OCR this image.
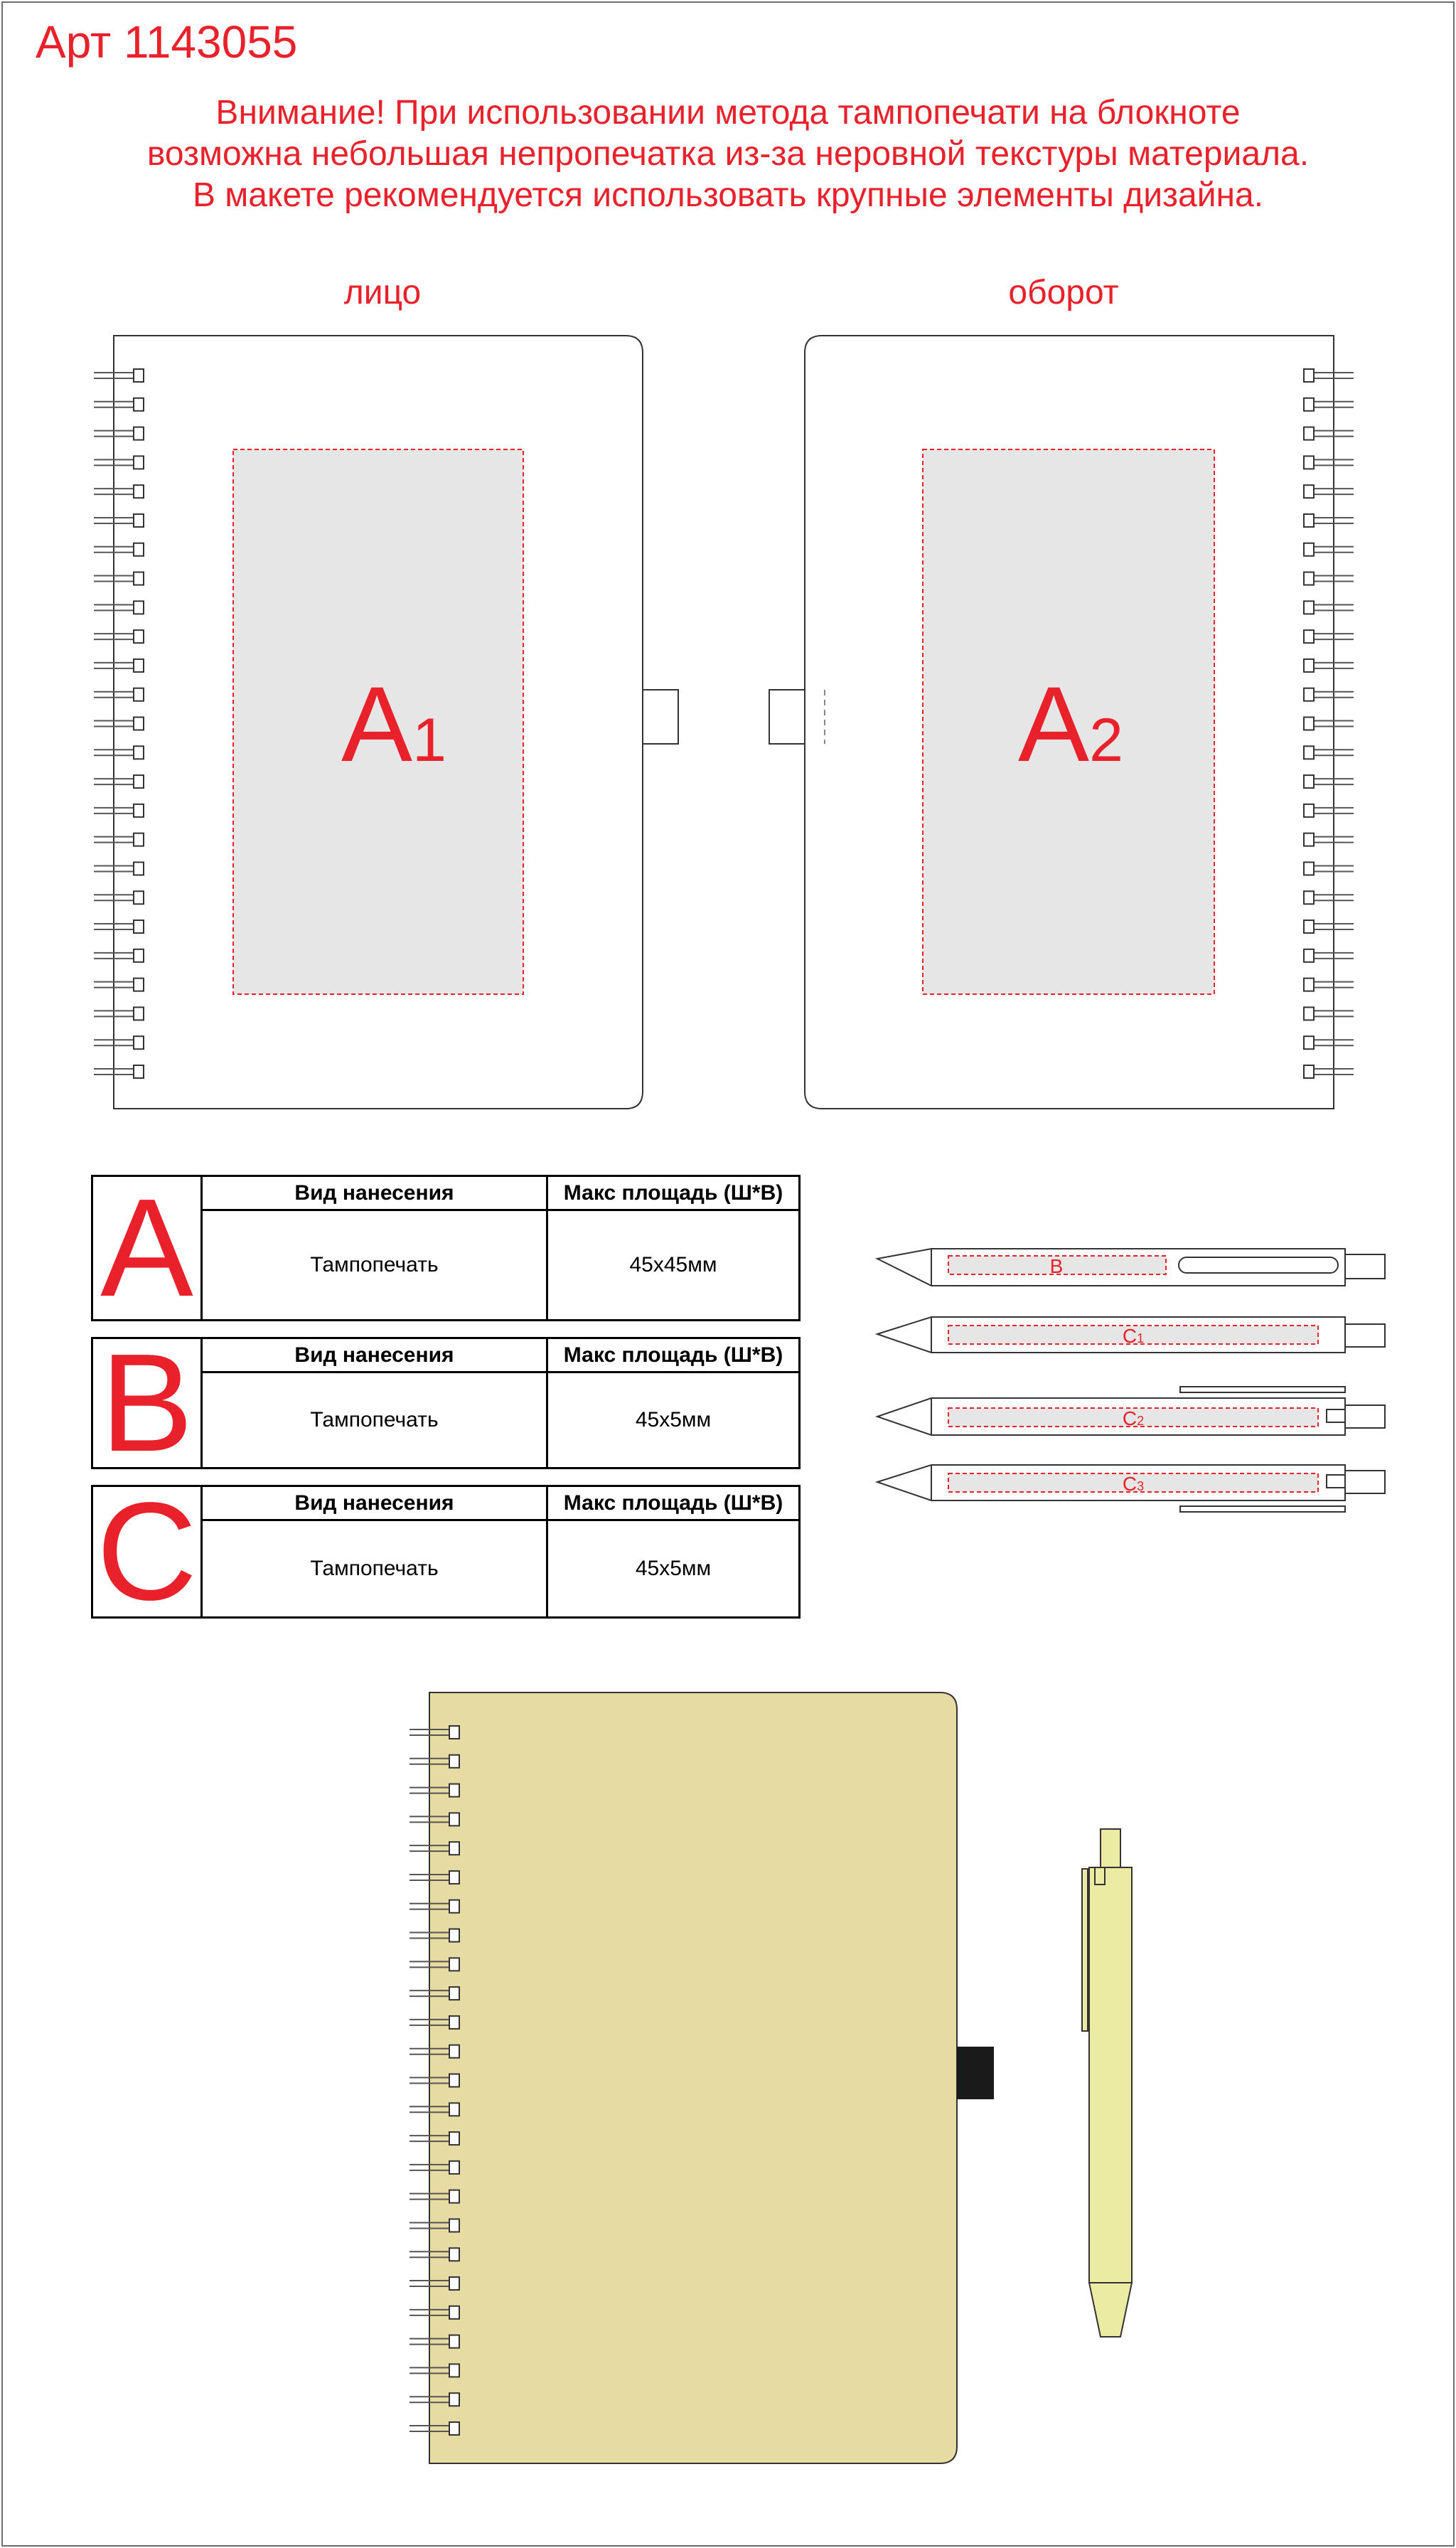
Арт 1143055
Внимание! При использовании метода тампопечати на блокноте
возможна небольшая непропечатка из-за неровной текстуры материала.
В макете рекомендуется использовать крупные элементы дизайна.
лицо	оборот
A1	A2
B
C1
C2
C3
A	Вид нанесения	Макс площадь (Ш*В)
Тампопечать	45x45мм
B	Вид нанесения	Макс площадь (Ш*В)
Тампопечать	45x5мм
C	Вид нанесения	Макс площадь (Ш*В)
Тампопечать	45x5мм
